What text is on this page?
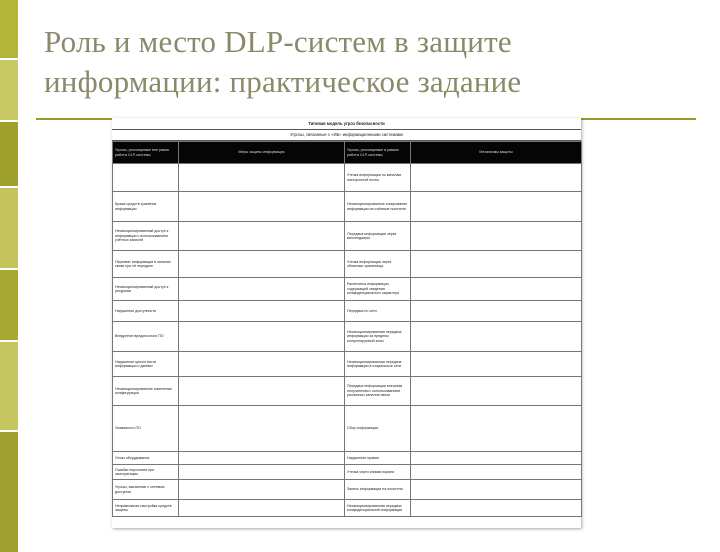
Роль и место DLP-систем в защите
информации: практическое задание
Типовая модель угроз безопасности
Угрозы, связанные с «ИБ» информационными системами
Угрозы, реализуемые вне рамок работы DLP-системы	Меры защиты информации	Угрозы, реализуемые в рамках работы DLP-системы	Механизмы защиты
		Утечка информации по каналам электронной почты	
Кража средств хранения информации		Несанкционированное копирование информации на съёмные носители	
Несанкционированный доступ к информации с использованием учётных записей		Передача информации через мессенджеры	
Перехват информации в каналах связи при её передаче		Утечка информации через облачные хранилища	
Несанкционированный доступ к ресурсам		Распечатка информации, содержащей сведения конфиденциального характера	
Нарушение доступности		Передача по сети	
Внедрение вредоносного ПО		Несанкционированная передача информации за пределы контролируемой зоны	
Нарушение целостности информации и данных		Несанкционированная передача информации в социальные сети	
Несанкционированное изменение конфигурации		Передача информации внешним получателям с использованием различных каналов связи	
Уязвимости ПО		Сбор информации	
Отказ оборудования		Нарушение правил	
Ошибки персонала при эксплуатации		Утечка через снимки экрана	
Угрозы, связанные с сетевым доступом		Запись информации на носители	
Неправильная настройка средств защиты		Несанкционированная передача конфиденциальной информации	
